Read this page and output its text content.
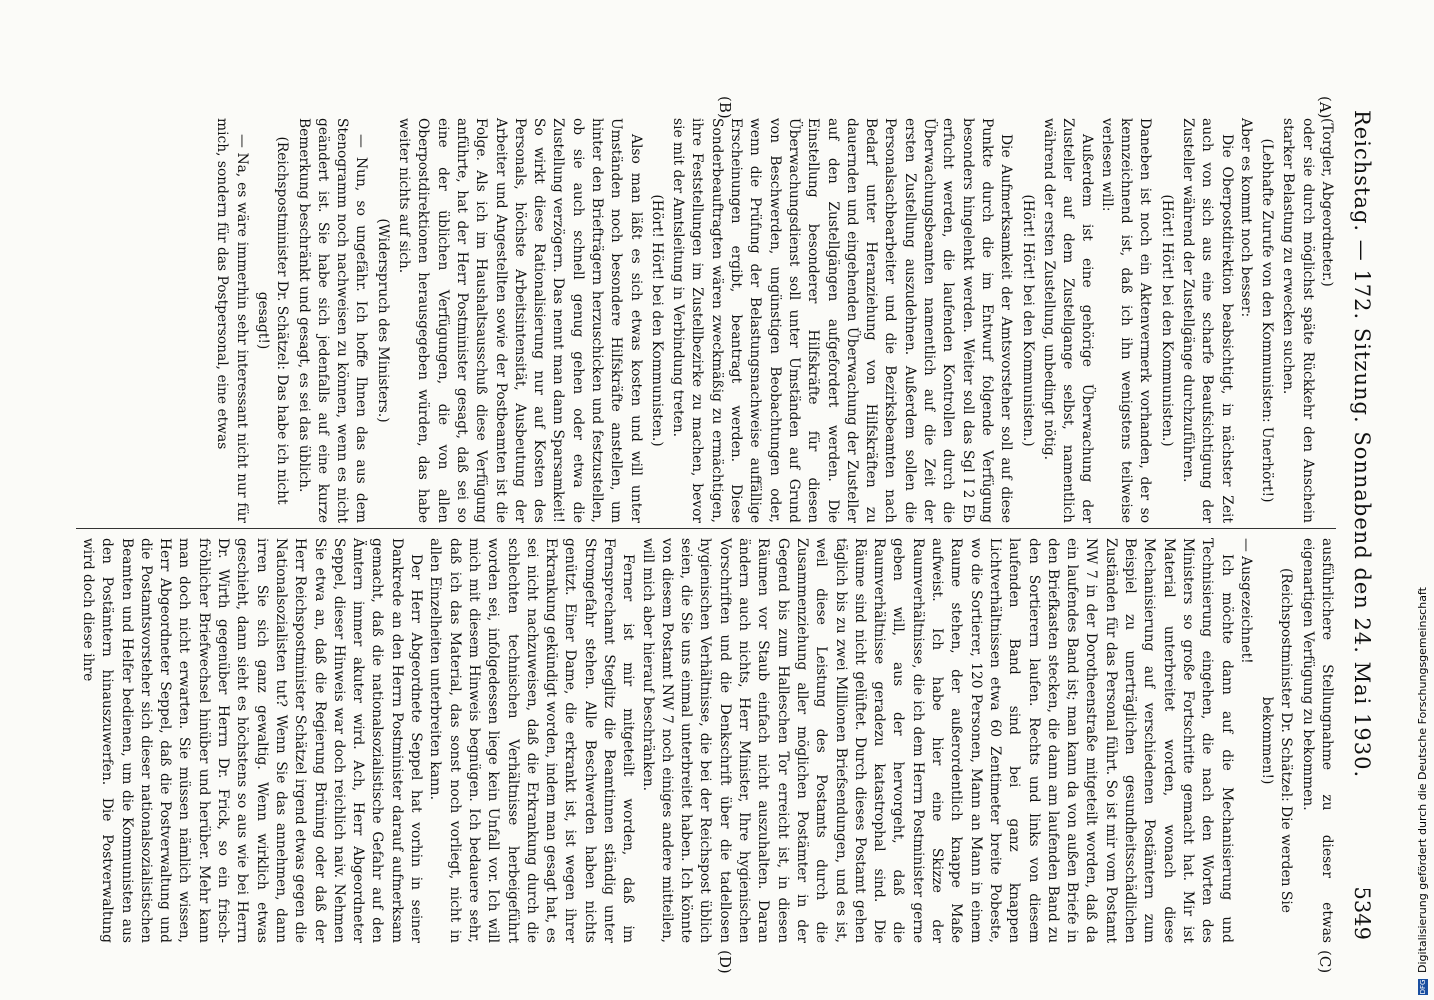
Reichstag. — 172. Sitzung. Sonnabend den 24. Mai 1930.
5349
(A)
(B)
(C)
(D)

(Torgler, Abgeordneter.)

oder sie durch möglichst späte Rückkehr den Anschein starker Belastung zu erwecken suchen.

(Lebhafte Zurufe von den Kommunisten: Unerhört!)

Aber es kommt noch besser:

Die Oberpostdirektion beabsichtigt, in nächster Zeit auch von sich aus eine scharfe Beaufsichtigung der Zusteller während der Zustellgänge durchzuführen.

(Hört! Hört! bei den Kommunisten.)

Daneben ist noch ein Aktenvermerk vorhanden, der so kennzeichnend ist, daß ich ihn wenigstens teilweise verlesen will:

Außerdem ist eine gehörige Überwachung der Zusteller auf dem Zustellgange selbst, namentlich während der ersten Zustellung, unbedingt nötig.

(Hört! Hört! bei den Kommunisten.)

Die Aufmerksamkeit der Amtsvorsteher soll auf diese Punkte durch die im Entwurf folgende Verfügung besonders hingelenkt werden. Weiter soll das Sgl I 2 Eb erfucht werden, die laufenden Kontrollen durch die Überwachungsbeamten namentlich auf die Zeit der ersten Zustellung auszudehnen. Außerdem sollen die Personalsachbearbeiter und die Bezirksbeamten nach Bedarf unter Heranziehung von Hilfskräften zu dauernden und eingehenden Überwachung der Zusteller auf den Zustellgängen aufgefordert werden. Die Einstellung besonderer Hilfskräfte für diesen Überwachungsdienst soll unter Umständen auf Grund von Beschwerden, ungünstigen Beobachtungen oder, wenn die Prüfung der Belastungsnachweise auffällige Erscheinungen ergibt, beantragt werden. Diese Sonderbeauftragten wären zweckmäßig zu ermächtigen, ihre Feststellungen im Zustellbezirke zu machen, bevor sie mit der Amtsleitung in Verbindung treten.

(Hört! Hört! bei den Kommunisten.)

Also man läßt es sich etwas kosten und will unter Umständen noch besondere Hilfskräfte anstellen, um hinter den Briefträgern herzuschicken und festzustellen, ob sie auch schnell genug gehen oder etwa die Zustellung verzögern. Das nennt man dann Sparsamkeit! So wirkt diese Rationalisierung nur auf Kosten des Personals, höchste Arbeitsintensität, Ausbeutung der Arbeiter und Angestellten sowie der Postbeamten ist die Folge. Als ich im Haushaltsausschuß diese Verfügung anführte, hat der Herr Postminister gesagt, daß sei so eine der üblichen Verfügungen, die von allen Oberpostdirektionen herausgegeben würden, das habe weiter nichts auf sich.

(Widerspruch des Ministers.)

— Nun, so ungefähr. Ich hoffe Ihnen das aus dem Stenogramm noch nachweisen zu können, wenn es nicht geändert ist. Sie habe sich jedenfalls auf eine kurze Bemerkung beschränkt und gesagt, es sei das üblich.

(Reichspostminister Dr. Schätzel: Das habe ich nicht gesagt!)

— Na, es wäre immerhin sehr interessant nicht nur für mich, sondern für das Postpersonal, eine etwas

ausführlichere Stellungnahme zu dieser etwas eigenartigen Verfügung zu bekommen.

(Reichspostminister Dr. Schätzel: Die werden Sie bekommen!)

— Ausgezeichnet!

Ich möchte dann auf die Mechanisierung und Technisierung eingehen, die nach den Worten des Ministers so große Fortschritte gemacht hat. Mir ist Material unterbreitet worden, wonach diese Mechanisierung auf verschiedenen Postämtern zum Beispiel zu unerträglichen gesundheitsschädlichen Zuständen für das Personal führt. So ist mir vom Postamt NW 7 in der Dorotheenstraße mitgeteilt worden, daß da ein laufendes Band ist; man kann da von außen Briefe in den Briefkasten stecken, die dann am laufenden Band zu den Sortierern laufen. Rechts und links von diesem laufenden Band sind bei ganz knappen Lichtverhältnissen etwa 60 Zentimeter breite Pobeste, wo die Sortierer, 120 Personen, Mann an Mann in einem Raume stehen, der außerordentlich knappe Maße aufweist. Ich habe hier eine Skizze der Raumverhältnisse, die ich dem Herrn Postminister gerne geben will, aus der hervorgeht, daß die Raumverhältnisse geradezu katastrophal sind. Die Räume sind nicht gelüftet. Durch dieses Postamt gehen täglich bis zu zwei Millionen Briefsendungen, und es ist, weil diese Leistung des Postamts durch die Zusammenziehung aller möglichen Postämter in der Gegend bis zum Halleschen Tor erreicht ist, in diesen Räumen vor Staub einfach nicht auszuhalten. Daran ändern auch nichts, Herr Minister, Ihre hygienischen Vorschriften und die Denkschrift über die tadellosen hygienischen Verhältnisse, die bei der Reichspost üblich seien, die Sie uns einmal unterbreitet haben. Ich könnte von diesem Postamt NW 7 noch einiges andere mitteilen, will mich aber hierauf beschränken.

Ferner ist mir mitgeteilt worden, daß im Fernsprechamt Steglitz die Beamtinnen ständig unter Stromgefahr stehen. Alle Beschwerden haben nichts genützt. Einer Dame, die erkrankt ist, ist wegen ihrer Erkrankung gekündigt worden, indem man gesagt hat, es sei nicht nachzuweisen, daß die Erkrankung durch die schlechten technischen Verhältnisse herbeigeführt worden sei, infolgedessen liege kein Unfall vor. Ich will mich mit diesem Hinweis begnügen. Ich bedauere sehr, daß ich das Material, das sonst noch vorliegt, nicht in allen Einzelheiten unterbreiten kann.

Der Herr Abgeordnete Seppel hat vorhin in seiner Dankrede an den Herrn Postminister darauf aufmerksam gemacht, daß die nationalsozialistische Gefahr auf den Ämtern immer akuter wird. Ach, Herr Abgeordneter Seppel, dieser Hinweis war doch reichlich naiv. Nehmen Sie etwa an, daß die Regierung Brüning oder daß der Herr Reichspostminister Schätzel irgend etwas gegen die Nationalsozialisten tut? Wenn Sie das annehmen, dann irren Sie sich ganz gewaltig. Wenn wirklich etwas geschieht, dann sieht es höchstens so aus wie bei Herrn Dr. Wirth gegenüber Herrn Dr. Frick, so ein frisch-fröhlicher Briefwechsel hinüber und herüber. Mehr kann man doch nicht erwarten. Sie müssen nämlich wissen, Herr Abgeordneter Seppel, daß die Postverwaltung und die Postamtsvorsteher sich dieser nationalsozialistischen Beamten und Helfer bedienen, um die Kommunisten aus den Postämtern hinauszuwerfen. Die Postverwaltung wird doch diese ihre

DFGDigitalisierung gefördert durch die Deutsche Forschungsgemeinschaft
